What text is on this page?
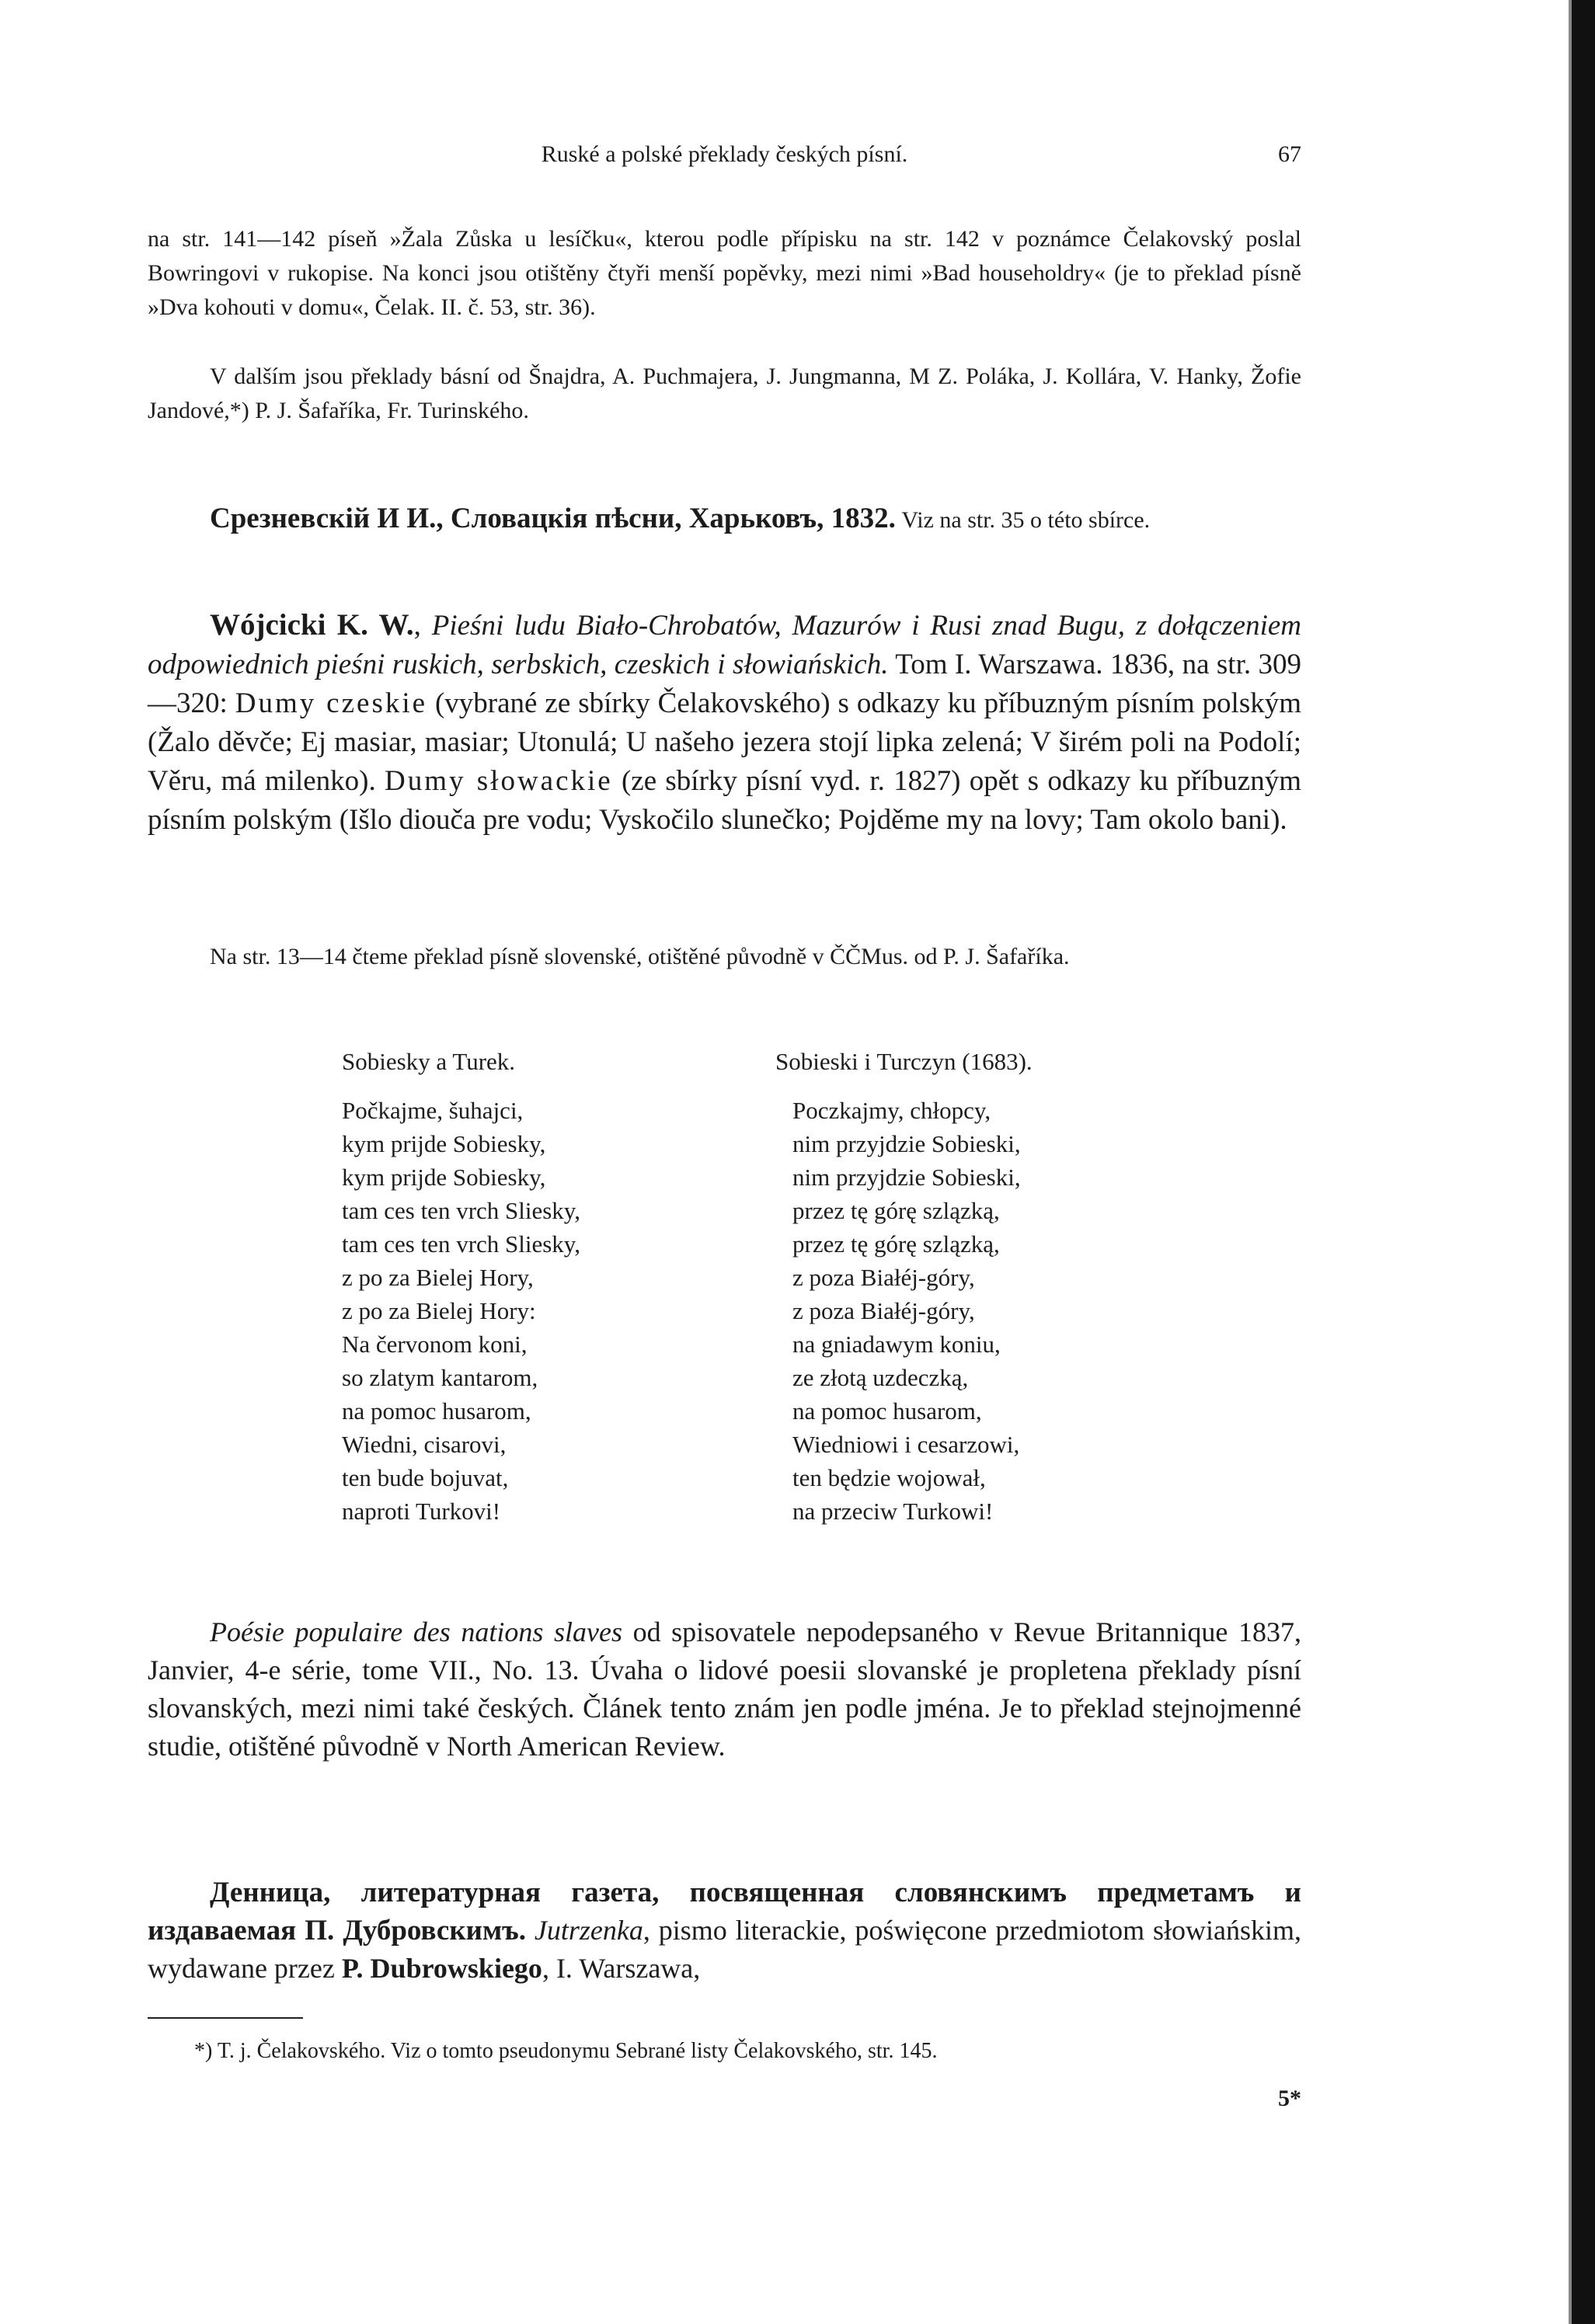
Ruské a polské překlady českých písní.	67

na str. 141—142 píseň »Žala Zůska u lesíčku«, kterou podle přípisku na str. 142 v poznámce Čelakovský poslal Bowringovi v rukopise. Na konci jsou otištěny čtyři menší popěvky, mezi nimi »Bad householdry« (je to překlad písně »Dva kohouti v domu«, Čelak. II. č. 53, str. 36).

V dalším jsou překlady básní od Šnajdra, A. Puchmajera, J. Jungmanna, M Z. Poláka, J. Kollára, V. Hanky, Žofie Jandové,*) P. J. Šafaříka, Fr. Turinského.

Срезневскій И И., Словацкія пѣсни, Харьковъ, 1832. Viz na str. 35 o této sbírce.

Wójcicki K. W., Pieśni ludu Biało-Chrobatów, Mazurów i Rusi znad Bugu, z dołączeniem odpowiednich pieśni ruskich, serbskich, czeskich i słowiańskich. Tom I. Warszawa. 1836, na str. 309—320: Dumy czeskie (vybrané ze sbírky Čelakovského) s odkazy ku příbuzným písním polským (Žalo děvče; Ej masiar, masiar; Utonulá; U našeho jezera stojí lipka zelená; V širém poli na Podolí; Věru, má milenko). Dumy słowackie (ze sbírky písní vyd. r. 1827) opět s odkazy ku příbuzným písním polským (Išlo diouča pre vodu; Vyskočilo slunečko; Pojděme my na lovy; Tam okolo bani).

Na str. 13—14 čteme překlad písně slovenské, otištěné původně v ČČMus. od P. J. Šafaříka.

Sobiesky a Turek.
Počkajme, šuhajci,
kym prijde Sobiesky,
kym prijde Sobiesky,
tam ces ten vrch Sliesky,
tam ces ten vrch Sliesky,
z po za Bielej Hory,
z po za Bielej Hory:
Na červonom koni,
so zlatym kantarom,
na pomoc husarom,
Wiedni, cisarovi,
ten bude bojuvat,
naproti Turkovi!
Sobieski i Turczyn (1683).
Poczkajmy, chłopcy,
nim przyjdzie Sobieski,
nim przyjdzie Sobieski,
przez tę górę szlązką,
przez tę górę szlązką,
z poza Białéj-góry,
z poza Białéj-góry,
na gniadawym koniu,
ze złotą uzdeczką,
na pomoc husarom,
Wiedniowi i cesarzowi,
ten będzie wojował,
na przeciw Turkowi!

Poésie populaire des nations slaves od spisovatele nepodepsaného v Revue Britannique 1837, Janvier, 4-e série, tome VII., No. 13. Úvaha o lidové poesii slovanské je propletena překlady písní slovanských, mezi nimi také českých. Článek tento znám jen podle jména. Je to překlad stejnojmenné studie, otištěné původně v North American Review.

Денница, литературная газета, посвященная словянскимъ предметамъ и издаваемая П. Дубровскимъ. Jutrzenka, pismo literackie, poświęcone przedmiotom słowiańskim, wydawane przez P. Dubrowskiego, I. Warszawa,

*) T. j. Čelakovského. Viz o tomto pseudonymu Sebrané listy Čelakovského, str. 145.
5*
